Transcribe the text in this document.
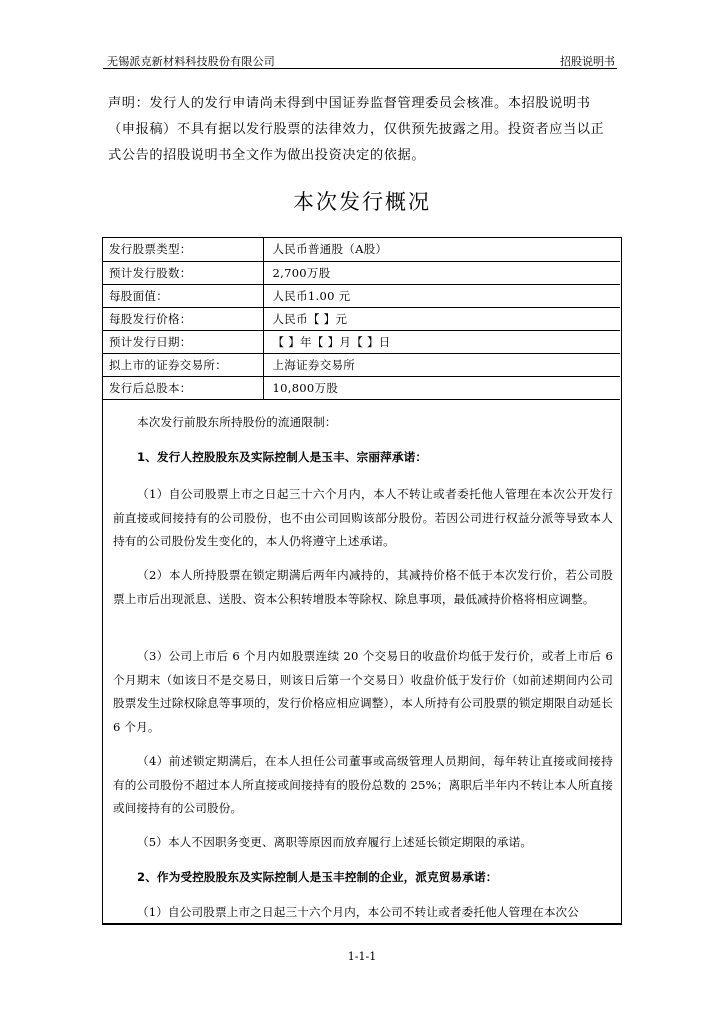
无锡派克新材料科技股份有限公司	招股说明书
声明：发行人的发行申请尚未得到中国证券监督管理委员会核准。本招股说明书（申报稿）不具有据以发行股票的法律效力，仅供预先披露之用。投资者应当以正式公告的招股说明书全文作为做出投资决定的依据。
本次发行概况
发行股票类型：	人民币普通股（A股）
预计发行股数：	2,700万股
每股面值：	人民币1.00 元
每股发行价格：	人民币【 】元
预计发行日期：	【 】年【 】月【 】日
拟上市的证券交易所：	上海证券交易所
发行后总股本：	10,800万股
本次发行前股东所持股份的流通限制：
1、发行人控股股东及实际控制人是玉丰、宗丽萍承诺：
（1）自公司股票上市之日起三十六个月内，本人不转让或者委托他人管理在本次公开发行前直接或间接持有的公司股份，也不由公司回购该部分股份。若因公司进行权益分派等导致本人持有的公司股份发生变化的，本人仍将遵守上述承诺。
（2）本人所持股票在锁定期满后两年内减持的，其减持价格不低于本次发行价，若公司股票上市后出现派息、送股、资本公积转增股本等除权、除息事项，最低减持价格将相应调整。
（3）公司上市后 6 个月内如股票连续 20 个交易日的收盘价均低于发行价，或者上市后 6 个月期末（如该日不是交易日，则该日后第一个交易日）收盘价低于发行价（如前述期间内公司股票发生过除权除息等事项的，发行价格应相应调整），本人所持有公司股票的锁定期限自动延长 6 个月。
（4）前述锁定期满后，在本人担任公司董事或高级管理人员期间，每年转让直接或间接持有的公司股份不超过本人所直接或间接持有的股份总数的 25%；离职后半年内不转让本人所直接或间接持有的公司股份。
（5）本人不因职务变更、离职等原因而放弃履行上述延长锁定期限的承诺。
2、作为受控股股东及实际控制人是玉丰控制的企业，派克贸易承诺：
（1）自公司股票上市之日起三十六个月内，本公司不转让或者委托他人管理在本次公
1-1-1
